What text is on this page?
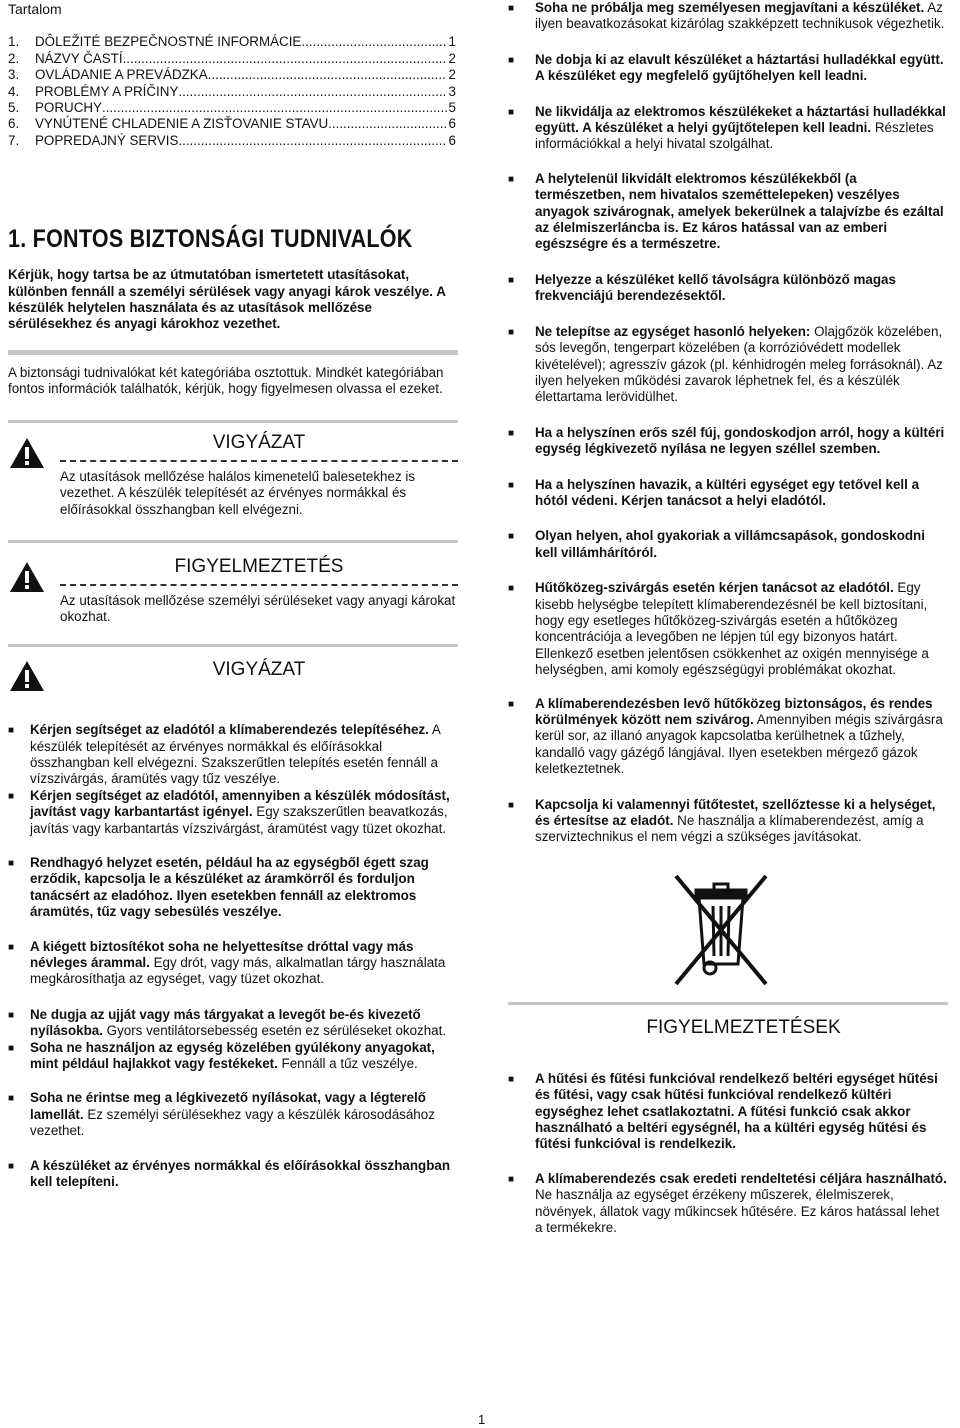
Tartalom
1.	DÔLEŽITÉ BEZPEČNOSTNÉ INFORMÁCIE .....	1
2.	NÁZVY ČASTÍ .....	2
3.	OVLÁDANIE A PREVÁDZKA .....	2
4.	PROBLÉMY A PRÍČINY .....	3
5.	PORUCHY .....	5
6.	VYNÚTENÉ CHLADENIE A ZISŤOVANIE STAVU .....	6
7.	POPREDAJNÝ SERVIS .....	6
1. FONTOS BIZTONSÁGI TUDNIVALÓK
Kérjük, hogy tartsa be az útmutatóban ismertetett utasításokat, különben fennáll a személyi sérülések vagy anyagi károk veszélye. A készülék helytelen használata és az utasítások mellőzése sérülésekhez és anyagi károkhoz vezethet.
A biztonsági tudnivalókat két kategóriába osztottuk. Mindkét kategóriában fontos információk találhatók, kérjük, hogy figyelmesen olvassa el ezeket.
VIGYÁZAT
Az utasítások mellőzése halálos kimenetelű balesetekhez is vezethet. A készülék telepítését az érvényes normákkal és előírásokkal összhangban kell elvégezni.
FIGYELMEZTETÉS
Az utasítások mellőzése személyi sérüléseket vagy anyagi károkat okozhat.
VIGYÁZAT
■
Kérjen segítséget az eladótól a klímaberendezés telepítéséhez. A készülék telepítését az érvényes normákkal és előírásokkal összhangban kell elvégezni. Szakszerűtlen telepítés esetén fennáll a vízszivárgás, áramütés vagy tűz veszélye.
■
Kérjen segítséget az eladótól, amennyiben a készülék módosítást, javítást vagy karbantartást igényel. Egy szakszerűtlen beavatkozás, javítás vagy karbantartás vízszivárgást, áramütést vagy tüzet okozhat.
■
Rendhagyó helyzet esetén, például ha az egységből égett szag erződik, kapcsolja le a készüléket az áramkörről és forduljon tanácsért az eladóhoz. Ilyen esetekben fennáll az elektromos áramütés, tűz vagy sebesülés veszélye.
■
A kiégett biztosítékot soha ne helyettesítse dróttal vagy más névleges árammal. Egy drót, vagy más, alkalmatlan tárgy használata megkárosíthatja az egységet, vagy tüzet okozhat.
■
Ne dugja az ujját vagy más tárgyakat a levegőt be-és kivezető nyílásokba. Gyors ventilátorsebesség esetén ez sérüléseket okozhat.
■
Soha ne használjon az egység közelében gyúlékony anyagokat, mint például hajlakkot vagy festékeket. Fennáll a tűz veszélye.
■
Soha ne érintse meg a légkivezető nyílásokat, vagy a légterelő lamellát. Ez személyi sérülésekhez vagy a készülék károsodásához vezethet.
■
A készüléket az érvényes normákkal és előírásokkal összhangban kell telepíteni.
■
Soha ne próbálja meg személyesen megjavítani a készüléket. Az ilyen beavatkozásokat kizárólag szakképzett technikusok végezhetik.
■
Ne dobja ki az elavult készüléket a háztartási hulladékkal együtt. A készüléket egy megfelelő gyűjtőhelyen kell leadni.
■
Ne likvidálja az elektromos készülékeket a háztartási hulladékkal együtt. A készüléket a helyi gyűjtőtelepen kell leadni. Részletes információkkal a helyi hivatal szolgálhat.
■
A helytelenül likvidált elektromos készülékekből (a természetben, nem hivatalos szeméttelepeken) veszélyes anyagok szivárognak, amelyek bekerülnek a talajvízbe és ezáltal az élelmiszerláncba is. Ez káros hatással van az emberi egészségre és a természetre.
■
Helyezze a készüléket kellő távolságra különböző magas frekvenciájú berendezésektől.
■
Ne telepítse az egységet hasonló helyeken: Olajgőzök közelében, sós levegőn, tengerpart közelében (a korrózióvédett modellek kivételével); agresszív gázok (pl. kénhidrogén meleg forrásoknál). Az ilyen helyeken működési zavarok léphetnek fel, és a készülék élettartama lerövidülhet.
■
Ha a helyszínen erős szél fúj, gondoskodjon arról, hogy a kültéri egység légkivezető nyílása ne legyen széllel szemben.
■
Ha a helyszínen havazik, a kültéri egységet egy tetővel kell a hótól védeni. Kérjen tanácsot a helyi eladótól.
■
Olyan helyen, ahol gyakoriak a villámcsapások, gondoskodni kell villámhárítóról.
■
Hűtőközeg-szivárgás esetén kérjen tanácsot az eladótól. Egy kisebb helységbe telepített klímaberendezésnél be kell biztosítani, hogy egy esetleges hűtőközeg-szivárgás esetén a hűtőközeg koncentrációja a levegőben ne lépjen túl egy bizonyos határt. Ellenkező esetben jelentősen csökkenhet az oxigén mennyisége a helységben, ami komoly egészségügyi problémákat okozhat.
■
A klímaberendezésben levő hűtőközeg biztonságos, és rendes körülmények között nem szivárog. Amennyiben mégis szivárgásra kerül sor, az illanó anyagok kapcsolatba kerülhetnek a tűzhely, kandalló vagy gázégő lángjával. Ilyen esetekben mérgező gázok keletkeztetnek.
■
Kapcsolja ki valamennyi fűtőtestet, szellőztesse ki a helységet, és értesítse az eladót. Ne használja a klímaberendezést, amíg a szerviztechnikus el nem végzi a szükséges javításokat.
FIGYELMEZTETÉSEK
■
A hűtési és fűtési funkcióval rendelkező beltéri egységet hűtési és fűtési, vagy csak hűtési funkcióval rendelkező kültéri egységhez lehet csatlakoztatni. A fűtési funkció csak akkor használható a beltéri egységnél, ha a kültéri egység hűtési és fűtési funkcióval is rendelkezik.
■
A klímaberendezés csak eredeti rendeltetési céljára használható. Ne használja az egységet érzékeny műszerek, élelmiszerek, növények, állatok vagy műkincsek hűtésére. Ez káros hatással lehet a termékekre.
1
